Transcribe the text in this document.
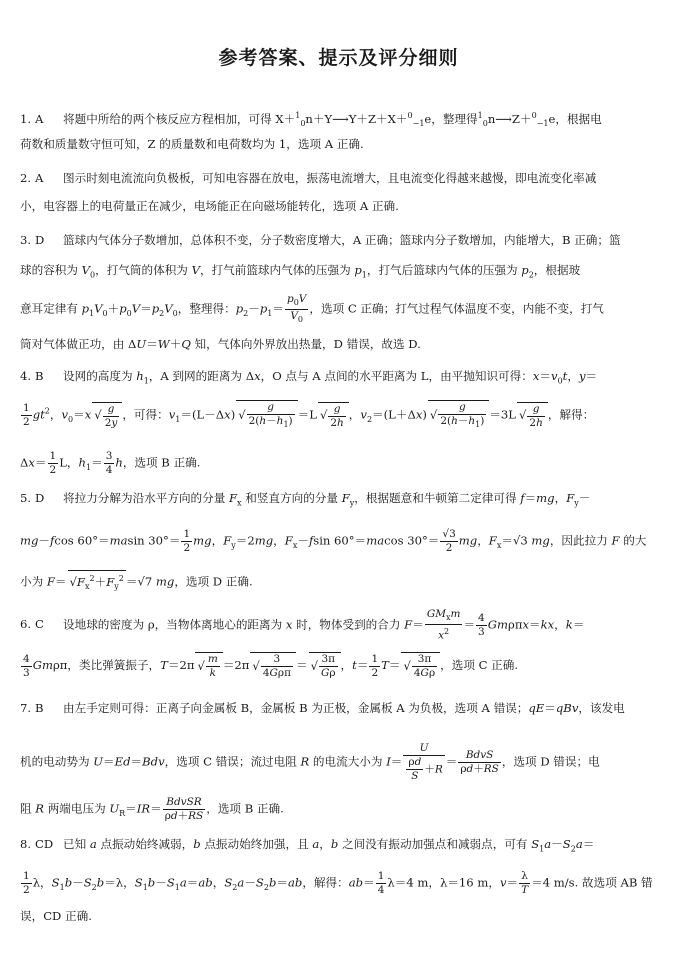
参考答案、提示及评分细则
1. A 将题中所给的两个核反应方程相加，可得 X＋$^1_0$n＋Y⟶Y＋Z＋X＋$^0_{-1}$e，整理得$^1_0$n⟶Z＋$^0_{-1}$e，根据电
荷数和质量数守恒可知，Z 的质量数和电荷数均为 1，选项 A 正确.
2. A 图示时刻电流流向负极板，可知电容器在放电，振荡电流增大，且电流变化得越来越慢，即电流变化率减
小，电容器上的电荷量正在减少，电场能正在向磁场能转化，选项 A 正确.
3. D 篮球内气体分子数增加，总体积不变，分子数密度增大，A 正确；篮球内分子数增加，内能增大，B 正确；篮
球的容积为 $V_0$，打气筒的体积为 V，打气前篮球内气体的压强为 $p_1$，打气后篮球内气体的压强为 $p_2$，根据玻
意耳定律有 $p_1V_0+p_0V=p_2V_0$，整理得：$p_2-p_1= \frac{p_0V}{V_0}$ ，选项 C 正确；打气过程气体温度不变，内能不变，打气
筒对气体做正功，由 ΔU＝W＋Q 知，气体向外界放出热量，D 错误，故选 D.
4. B 设网的高度为 $h_1$，A 到网的距离为 Δx，O 点与 A 点间的水平距离为 L，由平抛知识可得：$x=v_0t$，y＝
$\frac{1}{2} gt^2$，$v_0=x$ √ $\frac{g}{2y}$ ，可得：$v_1=(L-\Delta x)$ √ $\frac{g}{2(h-h_1)} =L$ √ $\frac{g}{2h}$ ，$v_2=(L+\Delta x)$ √ $\frac{g}{2(h-h_1)} =3L$ √ $\frac{g}{2h}$ ，解得：
$\Delta x= \frac{1}{2}$ L，$h_1= \frac{3}{4}$ h，选项 B 正确.
5. D 将拉力分解为沿水平方向的分量 $F_x$ 和竖直方向的分量 $F_y$，根据题意和牛顿第二定律可得 f＝mg，$F_y-$
mg－fcos 60°＝masin $30^\circ= \frac{1}{2}$ mg，$F_y=2mg$，$F_x-fsin$ 60°＝macos $30^\circ= \frac{√3}{2}$ mg，$F_x=√3$ mg，因此拉力 F 的大
小为 F＝ √ $F_x^2+F_y^2 =√7$ mg，选项 D 正确.
6. C 设地球的密度为 ρ，当物体离地心的距离为 x 时，物体受到的合力 $F= \frac{GM_xm}{x^2} = \frac{4}{3} Gm\rho\pi x=kx$，k＝
$\frac{4}{3}$ Gmρπ，类比弹簧振子，T＝2π √ $\frac{m}{k} =2\pi$ √ $\frac{3}{\text{4Gρπ}}$ ＝ √ $\frac{3\pi}{G\rho}$ ，$t= \frac{1}{2} T=$ √ $\frac{3\pi}{4G\rho}$ ，选项 C 正确.
7. B 由左手定则可得：正离子向金属板 B，金属板 B 为正极，金属板 A 为负极，选项 A 错误；qE＝qBv，该发电
机的电动势为 U＝Ed＝Bdv，选项 C 错误；流过电阻 R 的电流大小为 $I= \frac{U}{\frac{\rho d}{S} +R} = \frac{\text{BdvS}}{\rho d+RS}$ ，选项 D 错误；电
阻 R 两端电压为 $U_R=IR= \frac{\text{BdvSR}}{\rho d+RS}$ ，选项 B 正确.
8. CD 已知 a 点振动始终减弱，b 点振动始终加强，且 a，b 之间没有振动加强点和减弱点，可有 $S_1a-S_2a=$
$\frac{1}{2}$ λ，$S_1b-S_2b=\lambda$，$S_1b-S_1a=ab$，$S_2a-S_2b=ab$，解得：$ab= \frac{1}{4} \lambda=4$ m，λ＝16 m，$v= \frac{\lambda}{T} =4$ m/s. 故选项 AB 错
误，CD 正确.
